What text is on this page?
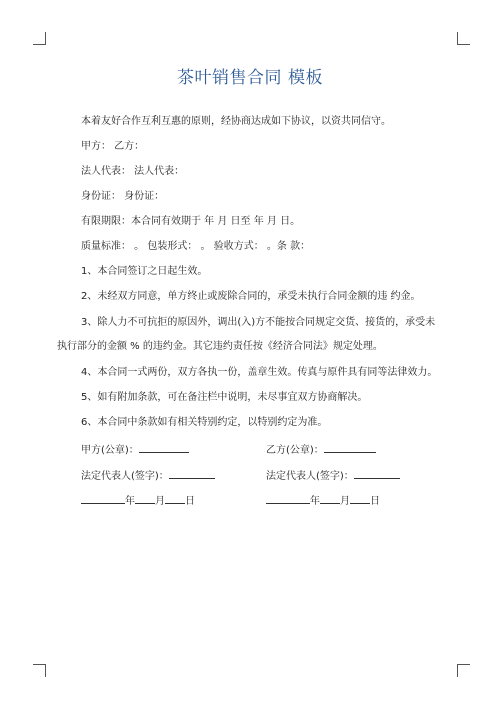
茶叶销售合同 模板
本着友好合作互利互惠的原则，经协商达成如下协议，以资共同信守。
甲方： 乙方：
法人代表： 法人代表：
身份证： 身份证：
有限期限：本合同有效期于 年 月 日至 年 月 日。
质量标准： 。 包装形式： 。 验收方式： 。条 款：
1、本合同签订之日起生效。
2、未经双方同意，单方终止或废除合同的，承受未执行合同金额的违 约金。
3、除人力不可抗拒的原因外，调出(入)方不能按合同规定交货、接货的，承受未
执行部分的金额 % 的违约金。其它违约责任按《经济合同法》规定处理。
4、本合同一式两份，双方各执一份，盖章生效。传真与原件具有同等法律效力。
5、如有附加条款，可在备注栏中说明，未尽事宜双方协商解决。
6、本合同中条款如有相关特别约定，以特别约定为准。
甲方(公章)：	乙方(公章)：
法定代表人(签字)：	法定代表人(签字)：
年 月 日	年 月 日
